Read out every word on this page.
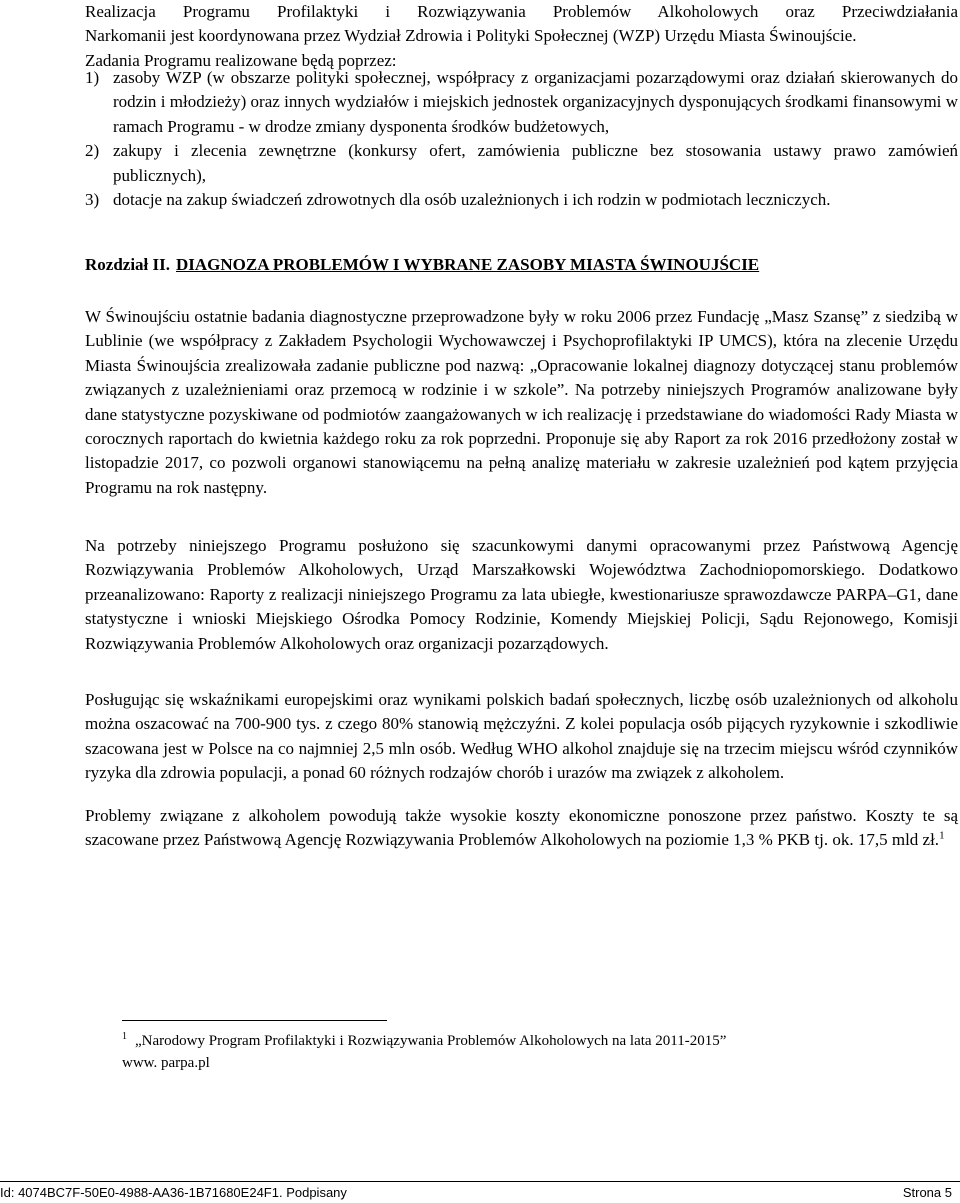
Realizacja Programu Profilaktyki i Rozwiązywania Problemów Alkoholowych oraz Przeciwdziałania
Narkomanii jest koordynowana przez Wydział Zdrowia i Polityki Społecznej (WZP) Urzędu Miasta Świnoujście.
Zadania Programu realizowane będą poprzez:

1) zasoby WZP (w obszarze polityki społecznej, współpracy z organizacjami pozarządowymi oraz działań skierowanych do rodzin i młodzieży) oraz innych wydziałów i miejskich jednostek organizacyjnych dysponujących środkami finansowymi w ramach Programu - w drodze zmiany dysponenta środków budżetowych,
2) zakupy i zlecenia zewnętrzne (konkursy ofert, zamówienia publiczne bez stosowania ustawy prawo zamówień publicznych),
3) dotacje na zakup świadczeń zdrowotnych dla osób uzależnionych i ich rodzin w podmiotach leczniczych.
Rozdział II. DIAGNOZA PROBLEMÓW I WYBRANE ZASOBY MIASTA ŚWINOUJŚCIE

W Świnoujściu ostatnie badania diagnostyczne przeprowadzone były w roku 2006 przez Fundację „Masz Szansę” z siedzibą w Lublinie (we współpracy z Zakładem Psychologii Wychowawczej i Psychoprofilaktyki IP UMCS), która na zlecenie Urzędu Miasta Świnoujścia zrealizowała zadanie publiczne pod nazwą: „Opracowanie lokalnej diagnozy dotyczącej stanu problemów związanych z uzależnieniami oraz przemocą w rodzinie i w szkole”. Na potrzeby niniejszych Programów analizowane były dane statystyczne pozyskiwane od podmiotów zaangażowanych w ich realizację i przedstawiane do wiadomości Rady Miasta w corocznych raportach do kwietnia każdego roku za rok poprzedni. Proponuje się aby Raport za rok 2016 przedłożony został w listopadzie 2017, co pozwoli organowi stanowiącemu na pełną analizę materiału w zakresie uzależnień pod kątem przyjęcia Programu na rok następny.

Na potrzeby niniejszego Programu posłużono się szacunkowymi danymi opracowanymi przez Państwową Agencję Rozwiązywania Problemów Alkoholowych, Urząd Marszałkowski Województwa Zachodniopomorskiego. Dodatkowo przeanalizowano: Raporty z realizacji niniejszego Programu za lata ubiegłe, kwestionariusze sprawozdawcze PARPA–G1, dane statystyczne i wnioski Miejskiego Ośrodka Pomocy Rodzinie, Komendy Miejskiej Policji, Sądu Rejonowego, Komisji Rozwiązywania Problemów Alkoholowych oraz organizacji pozarządowych.

Posługując się wskaźnikami europejskimi oraz wynikami polskich badań społecznych, liczbę osób uzależnionych od alkoholu można oszacować na 700-900 tys. z czego 80% stanowią mężczyźni. Z kolei populacja osób pijących ryzykownie i szkodliwie szacowana jest w Polsce na co najmniej 2,5 mln osób. Według WHO alkohol znajduje się na trzecim miejscu wśród czynników ryzyka dla zdrowia populacji, a ponad 60 różnych rodzajów chorób i urazów ma związek z alkoholem.

Problemy związane z alkoholem powodują także wysokie koszty ekonomiczne ponoszone przez państwo. Koszty te są szacowane przez Państwową Agencję Rozwiązywania Problemów Alkoholowych na poziomie 1,3 % PKB tj. ok. 17,5 mld zł.$^1$

$^1$ „Narodowy Program Profilaktyki i Rozwiązywania Problemów Alkoholowych na lata 2011-2015”
www. parpa.pl
Id: 4074BC7F-50E0-4988-AA36-1B71680E24F1. Podpisany	Strona 5
